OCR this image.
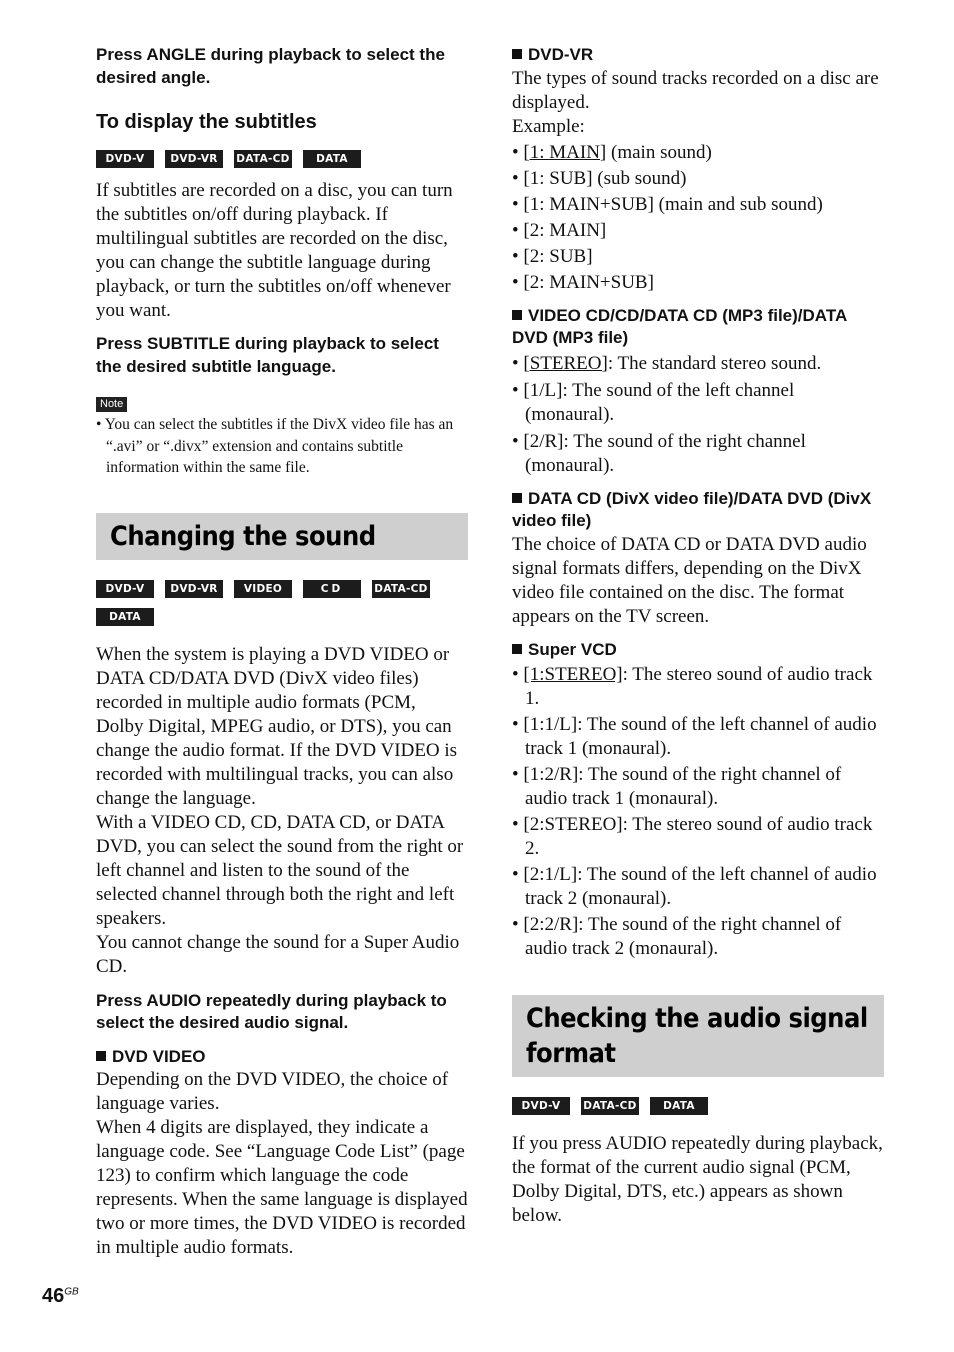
Press ANGLE during playback to select the desired angle.

To display the subtitles

DVD-V	DVD-VR	DATA-CD	DATA DVD

If subtitles are recorded on a disc, you can turn the subtitles on/off during playback. If multilingual subtitles are recorded on the disc, you can change the subtitle language during playback, or turn the subtitles on/off whenever you want.

Press SUBTITLE during playback to select the desired subtitle language.

Note

• You can select the subtitles if the DivX video file has an “.avi” or “.divx” extension and contains subtitle information within the same file.

Changing the sound
DVD-V	DVD-VR	VIDEO CD
CD	DATA-CD
DATA DVD

When the system is playing a DVD VIDEO or DATA CD/DATA DVD (DivX video files) recorded in multiple audio formats (PCM, Dolby Digital, MPEG audio, or DTS), you can change the audio format. If the DVD VIDEO is recorded with multilingual tracks, you can also change the language.

With a VIDEO CD, CD, DATA CD, or DATA DVD, you can select the sound from the right or left channel and listen to the sound of the selected channel through both the right and left speakers.

You cannot change the sound for a Super Audio CD.

Press AUDIO repeatedly during playback to select the desired audio signal.

DVD VIDEO

Depending on the DVD VIDEO, the choice of language varies.

When 4 digits are displayed, they indicate a language code. See “Language Code List” (page 123) to confirm which language the code represents. When the same language is displayed two or more times, the DVD VIDEO is recorded in multiple audio formats.

DVD-VR

The types of sound tracks recorded on a disc are displayed.

Example:

• [1: MAIN] (main sound)
• [1: SUB] (sub sound)
• [1: MAIN+SUB] (main and sub sound)
• [2: MAIN]
• [2: SUB]
• [2: MAIN+SUB]

VIDEO CD/CD/DATA CD (MP3 file)/DATA DVD (MP3 file)

• [STEREO]: The standard stereo sound.
• [1/L]: The sound of the left channel (monaural).
• [2/R]: The sound of the right channel (monaural).

DATA CD (DivX video file)/DATA DVD (DivX video file)

The choice of DATA CD or DATA DVD audio signal formats differs, depending on the DivX video file contained on the disc. The format appears on the TV screen.

Super VCD

• [1:STEREO]: The stereo sound of audio track 1.
• [1:1/L]: The sound of the left channel of audio track 1 (monaural).
• [1:2/R]: The sound of the right channel of audio track 1 (monaural).
• [2:STEREO]: The stereo sound of audio track 2.
• [2:1/L]: The sound of the left channel of audio track 2 (monaural).
• [2:2/R]: The sound of the right channel of audio track 2 (monaural).
Checking the audio signal format
DVD-V	DATA-CD	DATA DVD

If you press AUDIO repeatedly during playback, the format of the current audio signal (PCM, Dolby Digital, DTS, etc.) appears as shown below.

$46^{GB}$
